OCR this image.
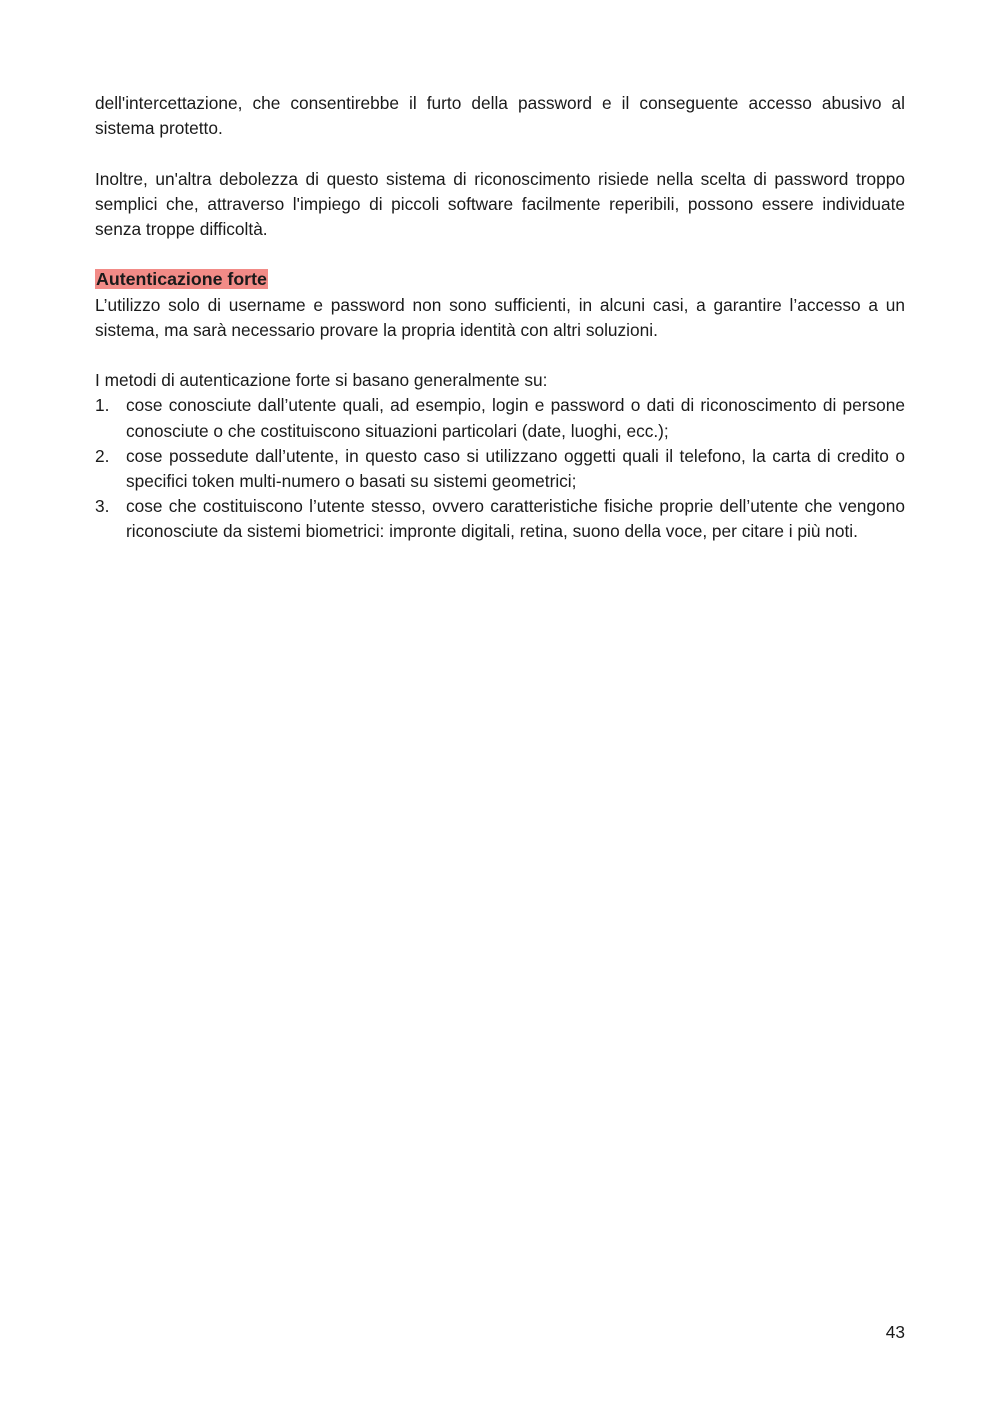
dell'intercettazione, che consentirebbe il furto della password e il conseguente accesso abusivo al sistema protetto.

Inoltre, un'altra debolezza di questo sistema di riconoscimento risiede nella scelta di password troppo semplici che, attraverso l'impiego di piccoli software facilmente reperibili, possono essere individuate senza troppe difficoltà.

Autenticazione forte

L’utilizzo solo di username e password non sono sufficienti, in alcuni casi, a garantire l’accesso a un sistema, ma sarà necessario provare la propria identità con altri soluzioni.

I metodi di autenticazione forte si basano generalmente su:

1. cose conosciute dall’utente quali, ad esempio, login e password o dati di riconoscimento di persone conosciute o che costituiscono situazioni particolari (date, luoghi, ecc.);
2. cose possedute dall’utente, in questo caso si utilizzano oggetti quali il telefono, la carta di credito o specifici token multi-numero o basati su sistemi geometrici;
3. cose che costituiscono l’utente stesso, ovvero caratteristiche fisiche proprie dell’utente che vengono riconosciute da sistemi biometrici: impronte digitali, retina, suono della voce, per citare i più noti.
43
